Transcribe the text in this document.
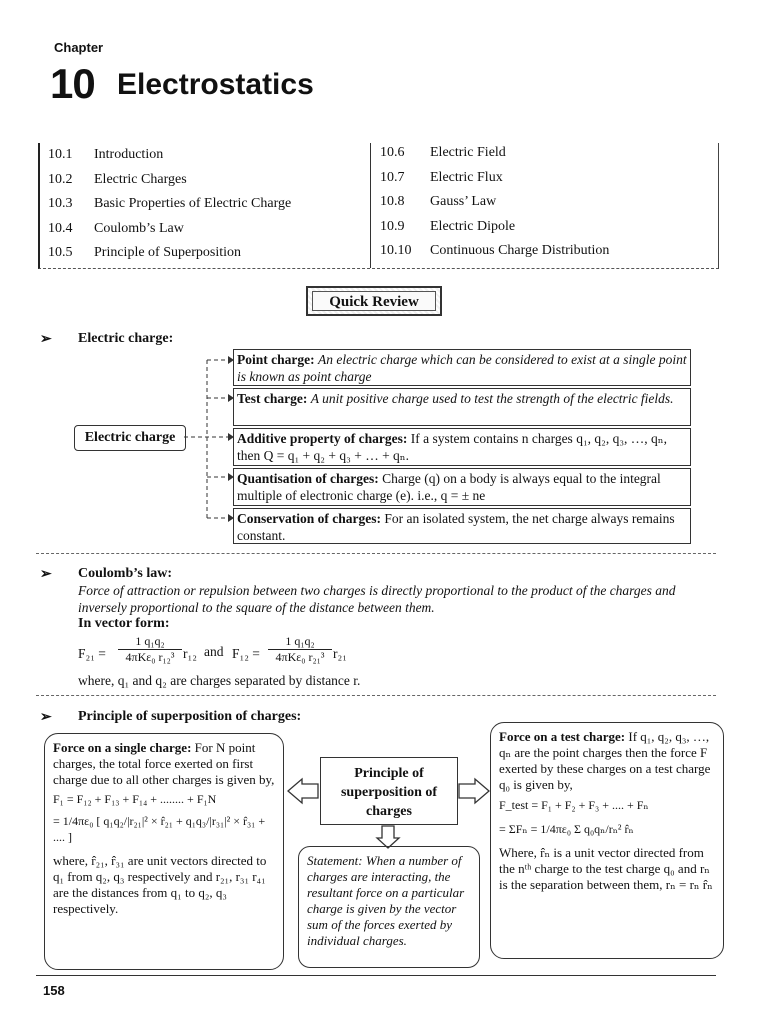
Chapter
10 Electrostatics
10.1 Introduction
10.2 Electric Charges
10.3 Basic Properties of Electric Charge
10.4 Coulomb’s Law
10.5 Principle of Superposition
10.6 Electric Field
10.7 Electric Flux
10.8 Gauss’ Law
10.9 Electric Dipole
10.10 Continuous Charge Distribution
Quick Review
➢ Electric charge:
Electric charge
Point charge: An electric charge which can be considered to exist at a single point is known as point charge
Test charge: A unit positive charge used to test the strength of the electric fields.
Additive property of charges: If a system contains n charges q₁, q₂, q₃, …, qₙ, then Q = q₁ + q₂ + q₃ + … + qₙ.
Quantisation of charges: Charge (q) on a body is always equal to the integral multiple of electronic charge (e). i.e., q = ± ne
Conservation of charges: For an isolated system, the net charge always remains constant.
➢ Coulomb’s law:
Force of attraction or repulsion between two charges is directly proportional to the product of the charges and inversely proportional to the square of the distance between them.
In vector form:
F₂₁ =
1 q₁q₂
4πKε₀ r₁₂³ r₁₂ and F₁₂ =
1 q₁q₂
4πKε₀ r₂₁³ r₂₁
where, q₁ and q₂ are charges separated by distance r.
➢ Principle of superposition of charges:
Force on a single charge: For N point charges, the total force exerted on first charge due to all other charges is given by,
F₁ = F₁₂ + F₁₃ + F₁₄ + ........ + F₁N
= 1/4πε₀ [ q₁q₂/|r₂₁|² × r̂₂₁ + q₁q₃/|r₃₁|² × r̂₃₁ + .... ]
where, r̂₂₁, r̂₃₁ are unit vectors directed to q₁ from q₂, q₃ respectively and r₂₁, r₃₁ r₄₁ are the distances from q₁ to q₂, q₃ respectively.
Principle of
superposition of
charges
Statement: When a number of charges are interacting, the resultant force on a particular charge is given by the vector sum of the forces exerted by individual charges.
Force on a test charge: If q₁, q₂, q₃, …, qₙ are the point charges then the force F exerted by these charges on a test charge q₀ is given by,
F_test = F₁ + F₂ + F₃ + .... + Fₙ
= ΣFₙ = 1/4πε₀ Σ q₀qₙ/rₙ² r̂ₙ
Where, r̂ₙ is a unit vector directed from the nᵗʰ charge to the test charge q₀ and rₙ is the separation between them, rₙ = rₙ r̂ₙ
158
